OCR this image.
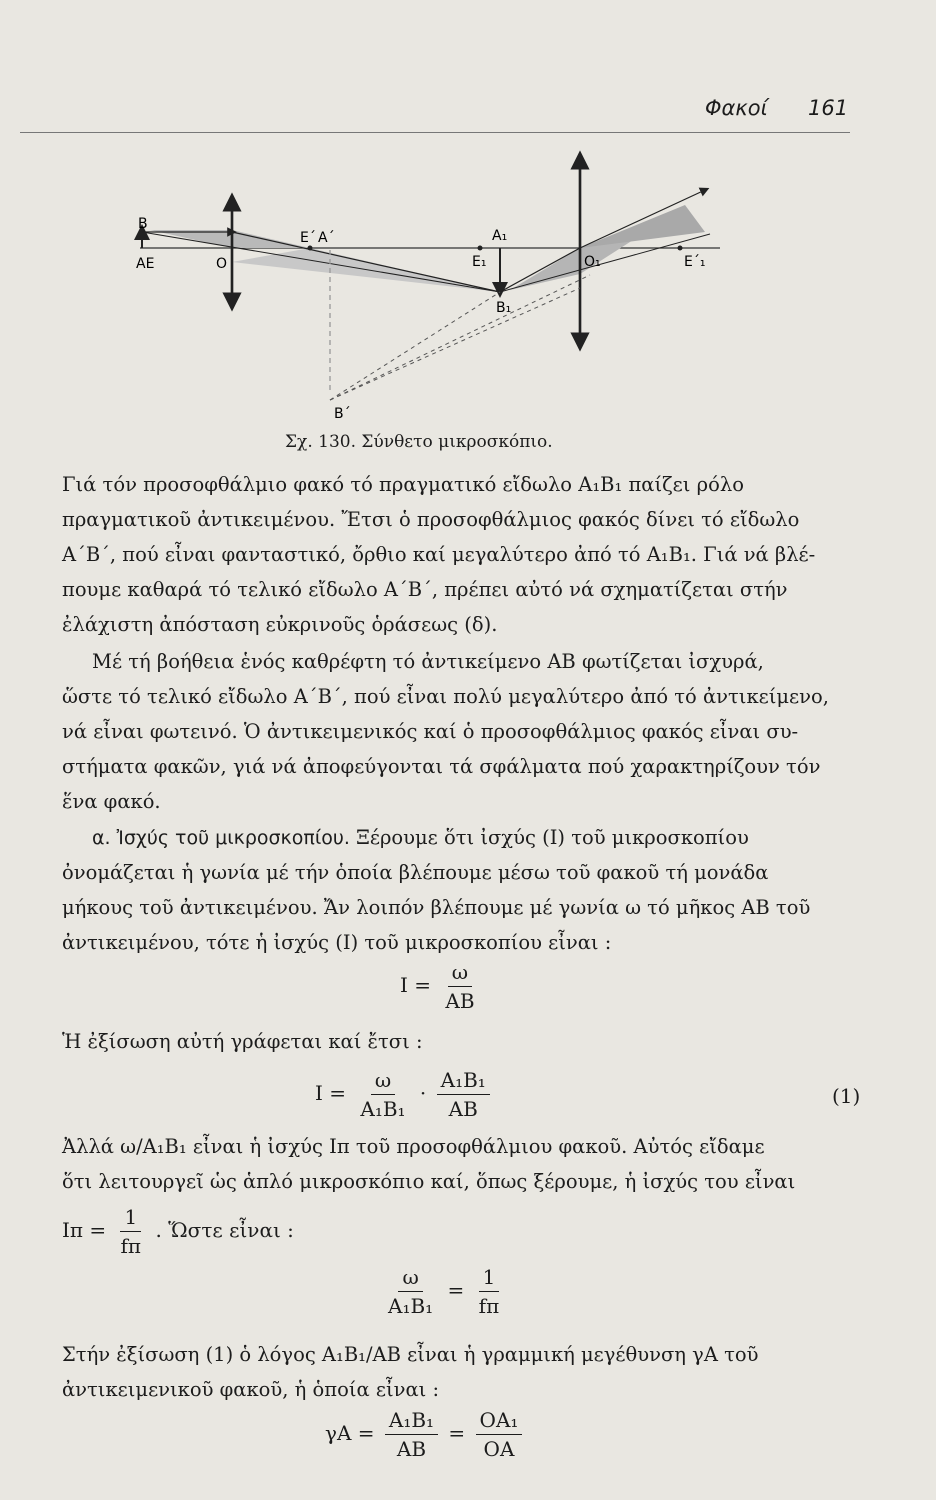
Φακοί 161
B
AE	O
E΄ A΄	A₁
E₁
B₁
O₁	E΄₁
B΄
Σχ. 130. Σύνθετο μικροσκόπιο.
Γιά τόν προσοφθάλμιο φακό τό πραγματικό εἴδωλο A₁B₁ παίζει ρόλο
πραγματικοῦ ἀντικειμένου. Ἔτσι ὁ προσοφθάλμιος φακός δίνει τό εἴδωλο
A΄B΄, πού εἶναι φανταστικό, ὄρθιο καί μεγαλύτερο ἀπό τό A₁B₁. Γιά νά βλέ-
πουμε καθαρά τό τελικό εἴδωλο A΄B΄, πρέπει αὐτό νά σχηματίζεται στήν
ἐλάχιστη ἀπόσταση εὐκρινοῦς ὁράσεως (δ).
Μέ τή βοήθεια ἑνός καθρέφτη τό ἀντικείμενο AB φωτίζεται ἰσχυρά,
ὥστε τό τελικό εἴδωλο A΄B΄, πού εἶναι πολύ μεγαλύτερο ἀπό τό ἀντικείμενο,
νά εἶναι φωτεινό. Ὁ ἀντικειμενικός καί ὁ προσοφθάλμιος φακός εἶναι συ-
στήματα φακῶν, γιά νά ἀποφεύγονται τά σφάλματα πού χαρακτηρίζουν τόν
ἕνα φακό.
α. Ἰσχύς τοῦ μικροσκοπίου. Ξέρουμε ὅτι ἰσχύς (I) τοῦ μικροσκοπίου
ὀνομάζεται ἡ γωνία μέ τήν ὁποία βλέπουμε μέσω τοῦ φακοῦ τή μονάδα
μήκους τοῦ ἀντικειμένου. Ἄν λοιπόν βλέπουμε μέ γωνία ω τό μῆκος AB τοῦ
ἀντικειμένου, τότε ἡ ἰσχύς (I) τοῦ μικροσκοπίου εἶναι :
$I = \frac{\omega}{AB}$
Ἡ ἐξίσωση αὐτή γράφεται καί ἔτσι :
$I = \frac{\omega}{\text{A₁B₁}} \cdot \frac{\text{A₁B₁}}{AB}$	(1)
Ἀλλά ω/A₁B₁ εἶναι ἡ ἰσχύς Iπ τοῦ προσοφθάλμιου φακοῦ. Αὐτός εἴδαμε
ὅτι λειτουργεῖ ὡς ἁπλό μικροσκόπιο καί, ὅπως ξέρουμε, ἡ ἰσχύς του εἶναι
$I\pi = \frac{1}{f\pi}$ . Ὥστε εἶναι :
$\frac{\omega}{\text{A₁B₁}} = \frac{1}{f\pi}$
Στήν ἐξίσωση (1) ὁ λόγος A₁B₁/AB εἶναι ἡ γραμμική μεγέθυνση γA τοῦ
ἀντικειμενικοῦ φακοῦ, ἡ ὁποία εἶναι :
$\gamma A = \frac{\text{A₁B₁}}{AB} = \frac{\text{OA₁}}{OA}$
